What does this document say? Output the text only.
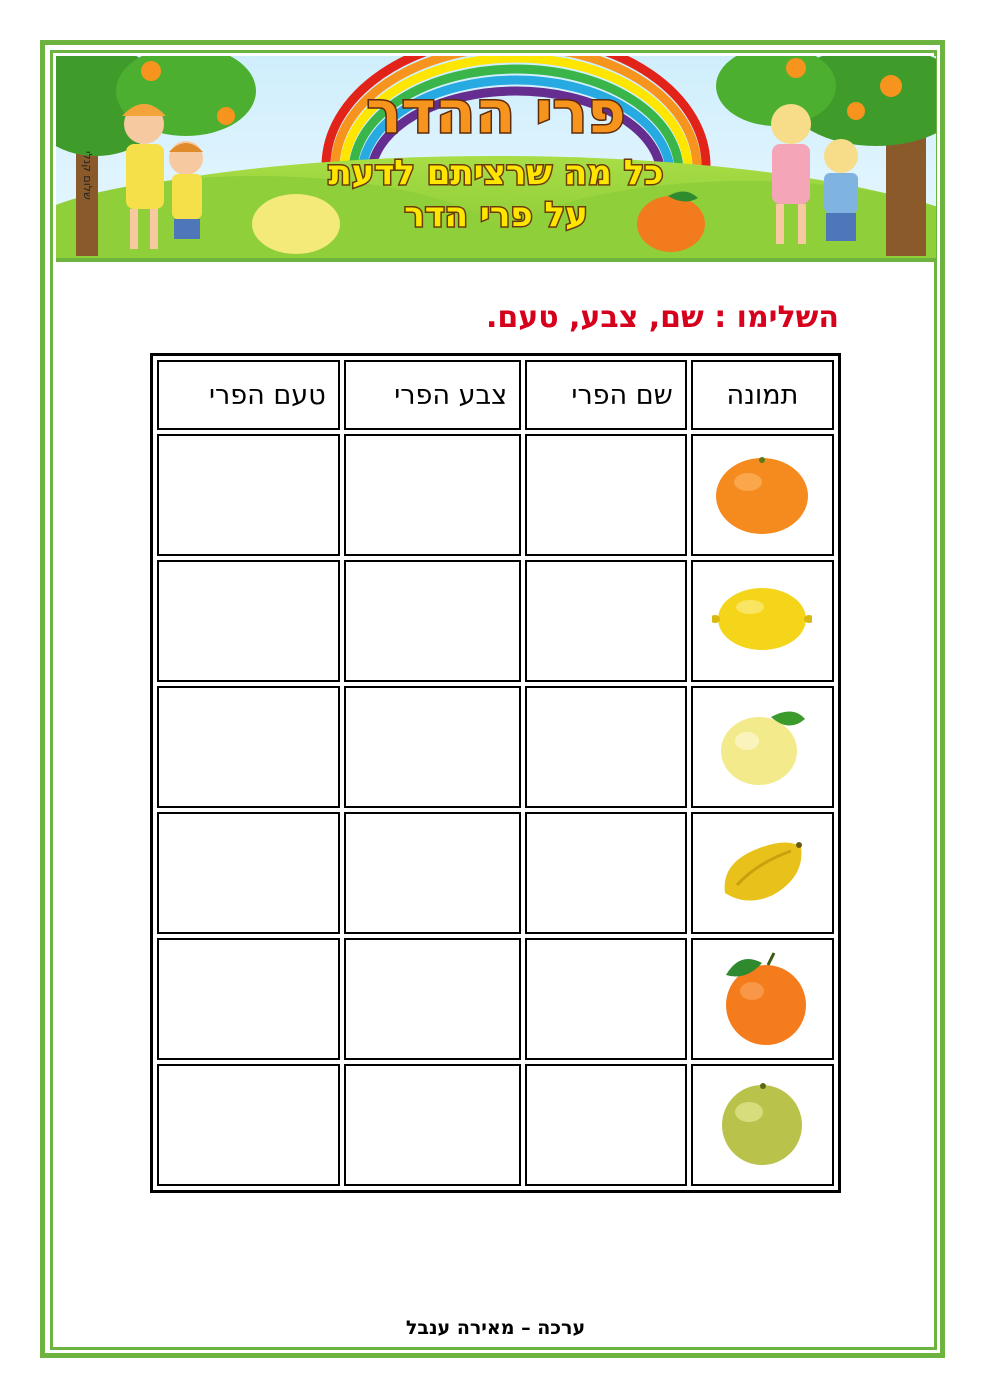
פרי ההדר
כל מה שרציתם לדעת
על פרי הדר
שלום קנלי
השלימו : שם, צבע, טעם.
תמונה	שם הפרי	צבע הפרי	טעם הפרי

ערכה – מאירה ענבל
